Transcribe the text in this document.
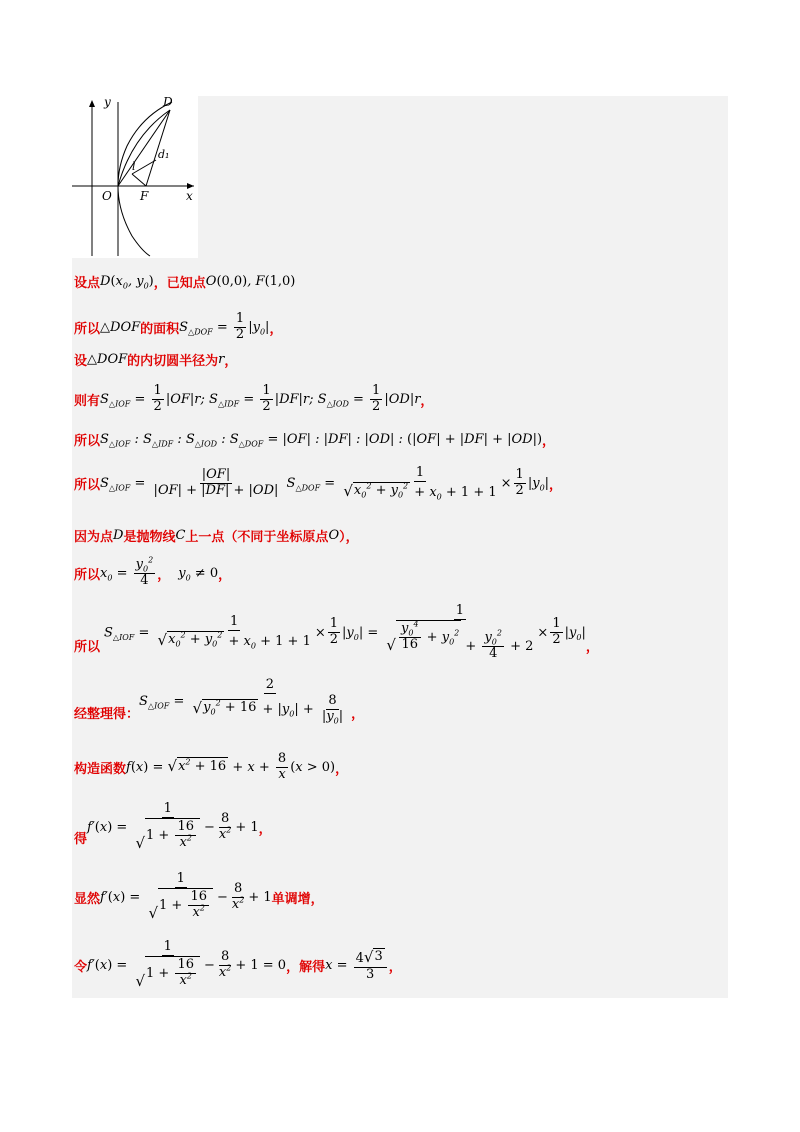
y	D
d₁
l
O F	x
设点 $D(x_0$, $y_0$) ，已知点 O(0,0), F(1,0)
所以 △DOF 的面积 $S_{\triangle DOF} = \frac{1}{2} |y_0|$ ，
设 △DOF 的内切圆半径为 r ，
则有 $S_{\triangle IOF} = \frac{1}{2} |OF|r$; $S_{\triangle IDF} = \frac{1}{2} |DF|r$; $S_{\triangle IOD} = \frac{1}{2} |OD|r$ ，
所以 $S_{\triangle IOF}$ : $S_{\triangle IDF}$ : $S_{\triangle IOD}$ : $S_{\triangle DOF} = |OF|$ : |DF| : |OD| : (|OF| + |DF| + |OD|) ，
所以 $S_{\triangle IOF} = \frac{|OF|}{|OF| + |DF| + |OD|} S_{\triangle DOF} = \frac{1}{√ x_0^2 + y_0^2 + x_0 + 1 + 1} \times \frac{1}{2} |y_0|$ ，
因为点 D 是抛物线 C 上一点（不同于坐标原点 O ），
所以 $x_0 = \frac{y_0^2}{4}$ ， $y_0 \ne 0$ ，
所以
$S_{\triangle IOF} = \frac{1}{√ x_0^2 + y_0^2 + x_0 + 1 + 1} \times \frac{1}{2} |y_0| = 1$
√ $\frac{y_0^4}{16} + y_0^2$
+ $\frac{y_0^2}{4} + 2 \times \frac{1}{2} |y_0|$
，
经整理得：
$S_{\triangle IOF} = \frac{2}{√ y_0^2 + 16 + |y_0| + \frac{8}{|y_0|}}$ ，
构造函数 f(x) = √ $x^2 + 16 + x + \frac{8}{x} (x > 0)$ ，
得
$f'(x) = \frac{1}{√ 1 + \frac{16}{x^2}} - \frac{8}{x^2} + 1$ ，
显然 $f'(x) = \frac{1}{√ 1 + \frac{16}{x^2}} - \frac{8}{x^2} + 1$ 单调增，
令 $f'(x) = \frac{1}{√ 1 + \frac{16}{x^2}} - \frac{8}{x^2} + 1 = 0$ ，解得 $x = \frac{4 √ 3}{3}$ ，
